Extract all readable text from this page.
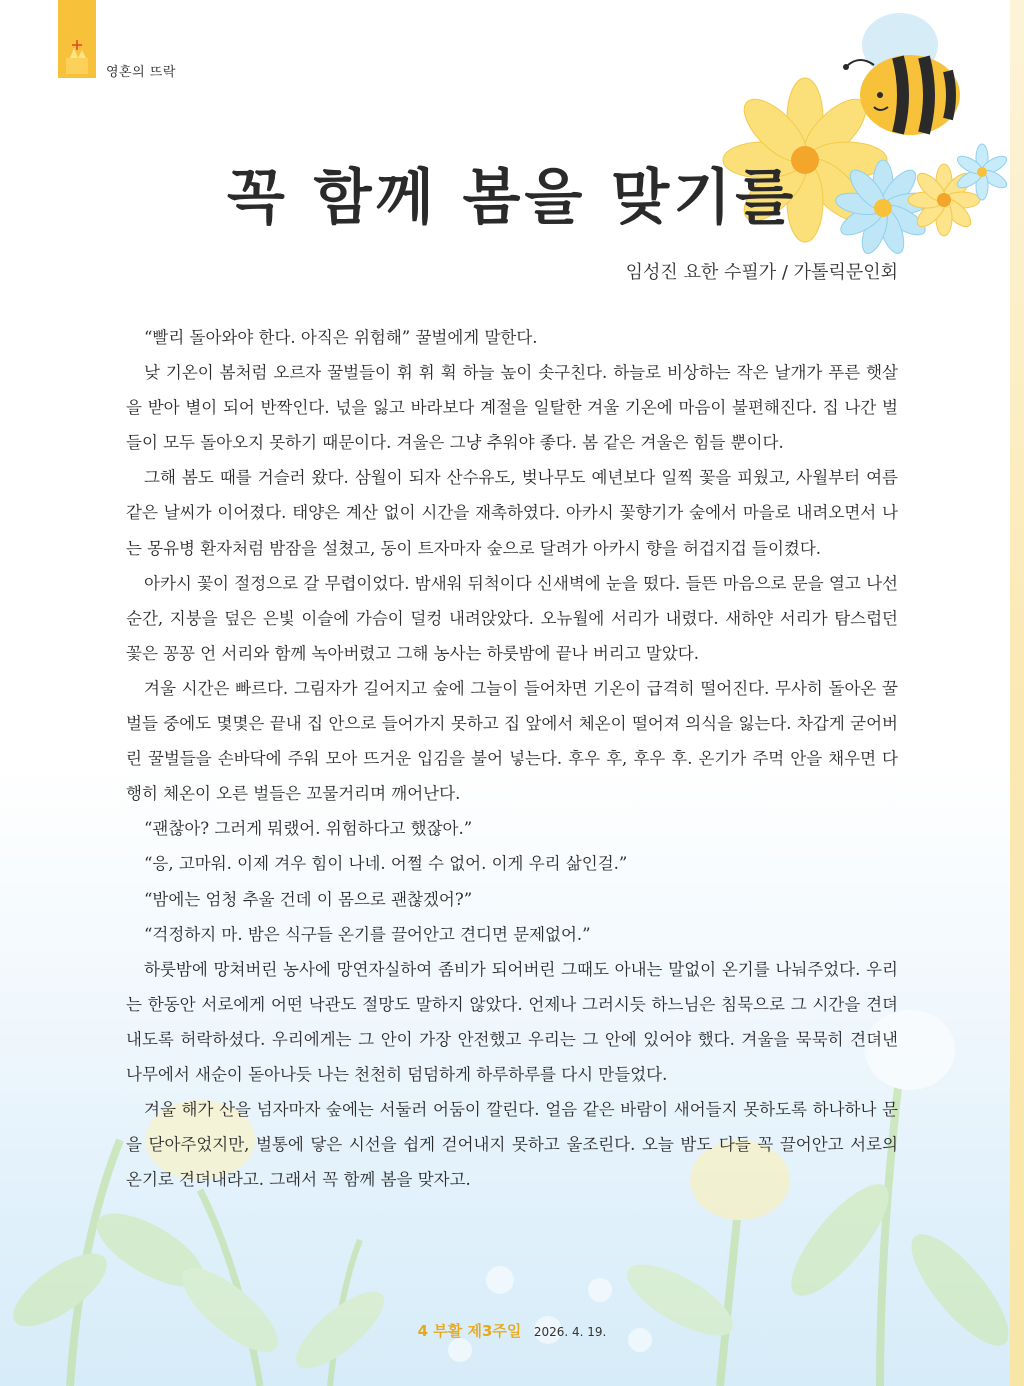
영혼의 뜨락
꼭 함께 봄을 맞기를
임성진 요한 수필가 / 가톨릭문인회

“빨리 돌아와야 한다. 아직은 위험해” 꿀벌에게 말한다.

낮 기온이 봄처럼 오르자 꿀벌들이 휘 휘 휙 하늘 높이 솟구친다. 하늘로 비상하는 작은 날개가 푸른 햇살을 받아 별이 되어 반짝인다. 넋을 잃고 바라보다 계절을 일탈한 겨울 기온에 마음이 불편해진다. 집 나간 벌들이 모두 돌아오지 못하기 때문이다. 겨울은 그냥 추워야 좋다. 봄 같은 겨울은 힘들 뿐이다.

그해 봄도 때를 거슬러 왔다. 삼월이 되자 산수유도, 벚나무도 예년보다 일찍 꽃을 피웠고, 사월부터 여름 같은 날씨가 이어졌다. 태양은 계산 없이 시간을 재촉하였다. 아카시 꽃향기가 숲에서 마을로 내려오면서 나는 몽유병 환자처럼 밤잠을 설쳤고, 동이 트자마자 숲으로 달려가 아카시 향을 허겁지겁 들이켰다.

아카시 꽃이 절정으로 갈 무렵이었다. 밤새워 뒤척이다 신새벽에 눈을 떴다. 들뜬 마음으로 문을 열고 나선 순간, 지붕을 덮은 은빛 이슬에 가슴이 덜컹 내려앉았다. 오뉴월에 서리가 내렸다. 새하얀 서리가 탐스럽던 꽃은 꽁꽁 언 서리와 함께 녹아버렸고 그해 농사는 하룻밤에 끝나 버리고 말았다.

겨울 시간은 빠르다. 그림자가 길어지고 숲에 그늘이 들어차면 기온이 급격히 떨어진다. 무사히 돌아온 꿀벌들 중에도 몇몇은 끝내 집 안으로 들어가지 못하고 집 앞에서 체온이 떨어져 의식을 잃는다. 차갑게 굳어버린 꿀벌들을 손바닥에 주워 모아 뜨거운 입김을 불어 넣는다. 후우 후, 후우 후. 온기가 주먹 안을 채우면 다행히 체온이 오른 벌들은 꼬물거리며 깨어난다.

“괜찮아? 그러게 뭐랬어. 위험하다고 했잖아.”

“응, 고마워. 이제 겨우 힘이 나네. 어쩔 수 없어. 이게 우리 삶인걸.”

“밤에는 엄청 추울 건데 이 몸으로 괜찮겠어?”

“걱정하지 마. 밤은 식구들 온기를 끌어안고 견디면 문제없어.”

하룻밤에 망쳐버린 농사에 망연자실하여 좀비가 되어버린 그때도 아내는 말없이 온기를 나눠주었다. 우리는 한동안 서로에게 어떤 낙관도 절망도 말하지 않았다. 언제나 그러시듯 하느님은 침묵으로 그 시간을 견뎌내도록 허락하셨다. 우리에게는 그 안이 가장 안전했고 우리는 그 안에 있어야 했다. 겨울을 묵묵히 견뎌낸 나무에서 새순이 돋아나듯 나는 천천히 덤덤하게 하루하루를 다시 만들었다.

겨울 해가 산을 넘자마자 숲에는 서둘러 어둠이 깔린다. 얼음 같은 바람이 새어들지 못하도록 하나하나 문을 닫아주었지만, 벌통에 닿은 시선을 쉽게 걷어내지 못하고 울조린다. 오늘 밤도 다들 꼭 끌어안고 서로의 온기로 견뎌내라고. 그래서 꼭 함께 봄을 맞자고.

4 부활 제3주일 2026. 4. 19.
